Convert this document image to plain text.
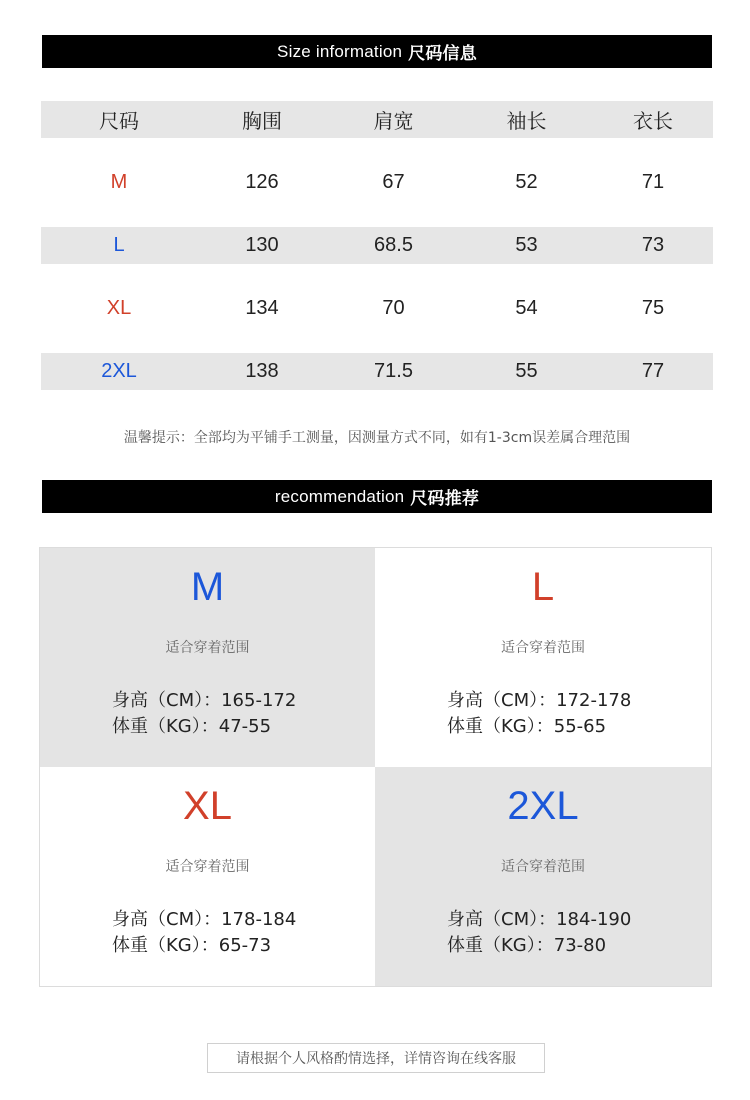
Size information 尺码信息
尺码	胸围	肩宽	袖长	衣长
M	126	67	52	71
L	130	68.5	53	73
XL	134	70	54	75
2XL	138	71.5	55	77
温馨提示：全部均为平铺手工测量，因测量方式不同，如有1-3cm误差属合理范围
recommendation 尺码推荐
M
适合穿着范围
身高（CM）：165-172
体重（KG）：47-55
L
适合穿着范围
身高（CM）：172-178
体重（KG）：55-65
XL
适合穿着范围
身高（CM）：178-184
体重（KG）：65-73
2XL
适合穿着范围
身高（CM）：184-190
体重（KG）：73-80
请根据个人风格酌情选择，详情咨询在线客服
